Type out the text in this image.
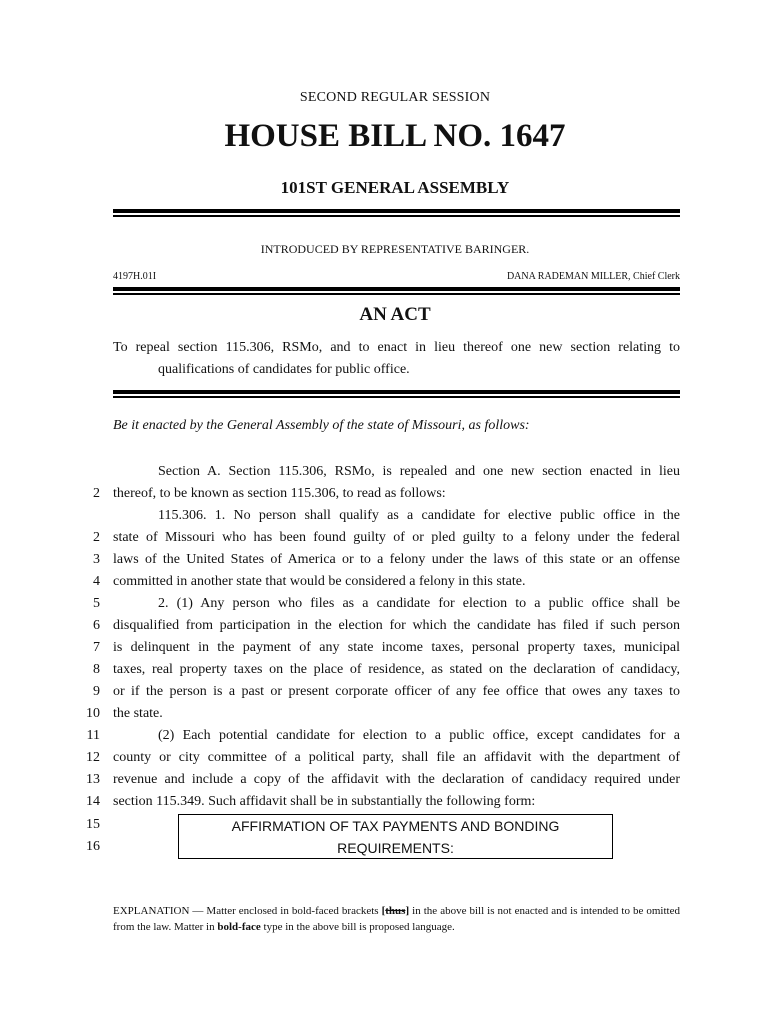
SECOND REGULAR SESSION
HOUSE BILL NO. 1647
101ST GENERAL ASSEMBLY
INTRODUCED BY REPRESENTATIVE BARINGER.
4197H.01I	DANA RADEMAN MILLER, Chief Clerk
AN ACT
To repeal section 115.306, RSMo, and to enact in lieu thereof one new section relating to
qualifications of candidates for public office.
Be it enacted by the General Assembly of the state of Missouri, as follows:
Section A. Section 115.306, RSMo, is repealed and one new section enacted in lieu
2 thereof, to be known as section 115.306, to read as follows:
115.306. 1. No person shall qualify as a candidate for elective public office in the
2 state of Missouri who has been found guilty of or pled guilty to a felony under the federal
3 laws of the United States of America or to a felony under the laws of this state or an offense
4 committed in another state that would be considered a felony in this state.
5	2. (1) Any person who files as a candidate for election to a public office shall be
6 disqualified from participation in the election for which the candidate has filed if such person
7 is delinquent in the payment of any state income taxes, personal property taxes, municipal
8 taxes, real property taxes on the place of residence, as stated on the declaration of candidacy,
9 or if the person is a past or present corporate officer of any fee office that owes any taxes to
10 the state.
11	(2) Each potential candidate for election to a public office, except candidates for a
12 county or city committee of a political party, shall file an affidavit with the department of
13 revenue and include a copy of the affidavit with the declaration of candidacy required under
14 section 115.349. Such affidavit shall be in substantially the following form:
15
16
AFFIRMATION OF TAX PAYMENTS AND BONDING
REQUIREMENTS:
EXPLANATION — Matter enclosed in bold-faced brackets [thus] in the above bill is not enacted and is intended to be omitted from the law. Matter in bold-face type in the above bill is proposed language.
